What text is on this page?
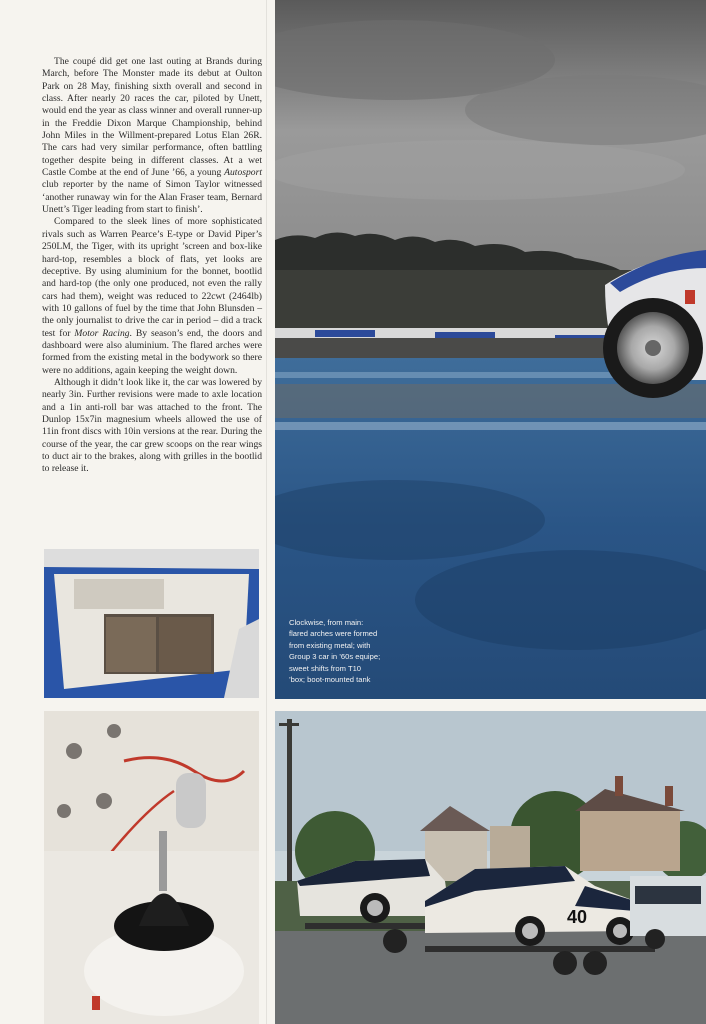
The coupé did get one last outing at Brands during March, before The Monster made its debut at Oulton Park on 28 May, finishing sixth overall and second in class. After nearly 20 races the car, piloted by Unett, would end the year as class winner and overall runner-up in the Freddie Dixon Marque Championship, behind John Miles in the Willment-prepared Lotus Elan 26R. The cars had very similar performance, often battling together despite being in different classes. At a wet Castle Combe at the end of June ’66, a young Autosport club reporter by the name of Simon Taylor witnessed ‘another runaway win for the Alan Fraser team, Bernard Unett’s Tiger leading from start to finish’.

Compared to the sleek lines of more sophisticated rivals such as Warren Pearce’s E-type or David Piper’s 250LM, the Tiger, with its upright ’screen and box-like hard-top, resembles a block of flats, yet looks are deceptive. By using aluminium for the bonnet, bootlid and hard-top (the only one produced, not even the rally cars had them), weight was reduced to 22cwt (2464lb) with 10 gallons of fuel by the time that John Blunsden – the only journalist to drive the car in period – did a track test for Motor Racing. By season’s end, the doors and dashboard were also aluminium. The flared arches were formed from the existing metal in the bodywork so there were no additions, again keeping the weight down.

Although it didn’t look like it, the car was lowered by nearly 3in. Further revisions were made to axle location and a 1in anti-roll bar was attached to the front. The Dunlop 15x7in magnesium wheels allowed the use of 11in front discs with 10in versions at the rear. During the course of the year, the car grew scoops on the rear wings to duct air to the brakes, along with grilles in the bootlid to release it.

Clockwise, from main:
flared arches were formed
from existing metal; with
Group 3 car in ’60s equipe;
sweet shifts from T10
’box; boot-mounted tank
40
